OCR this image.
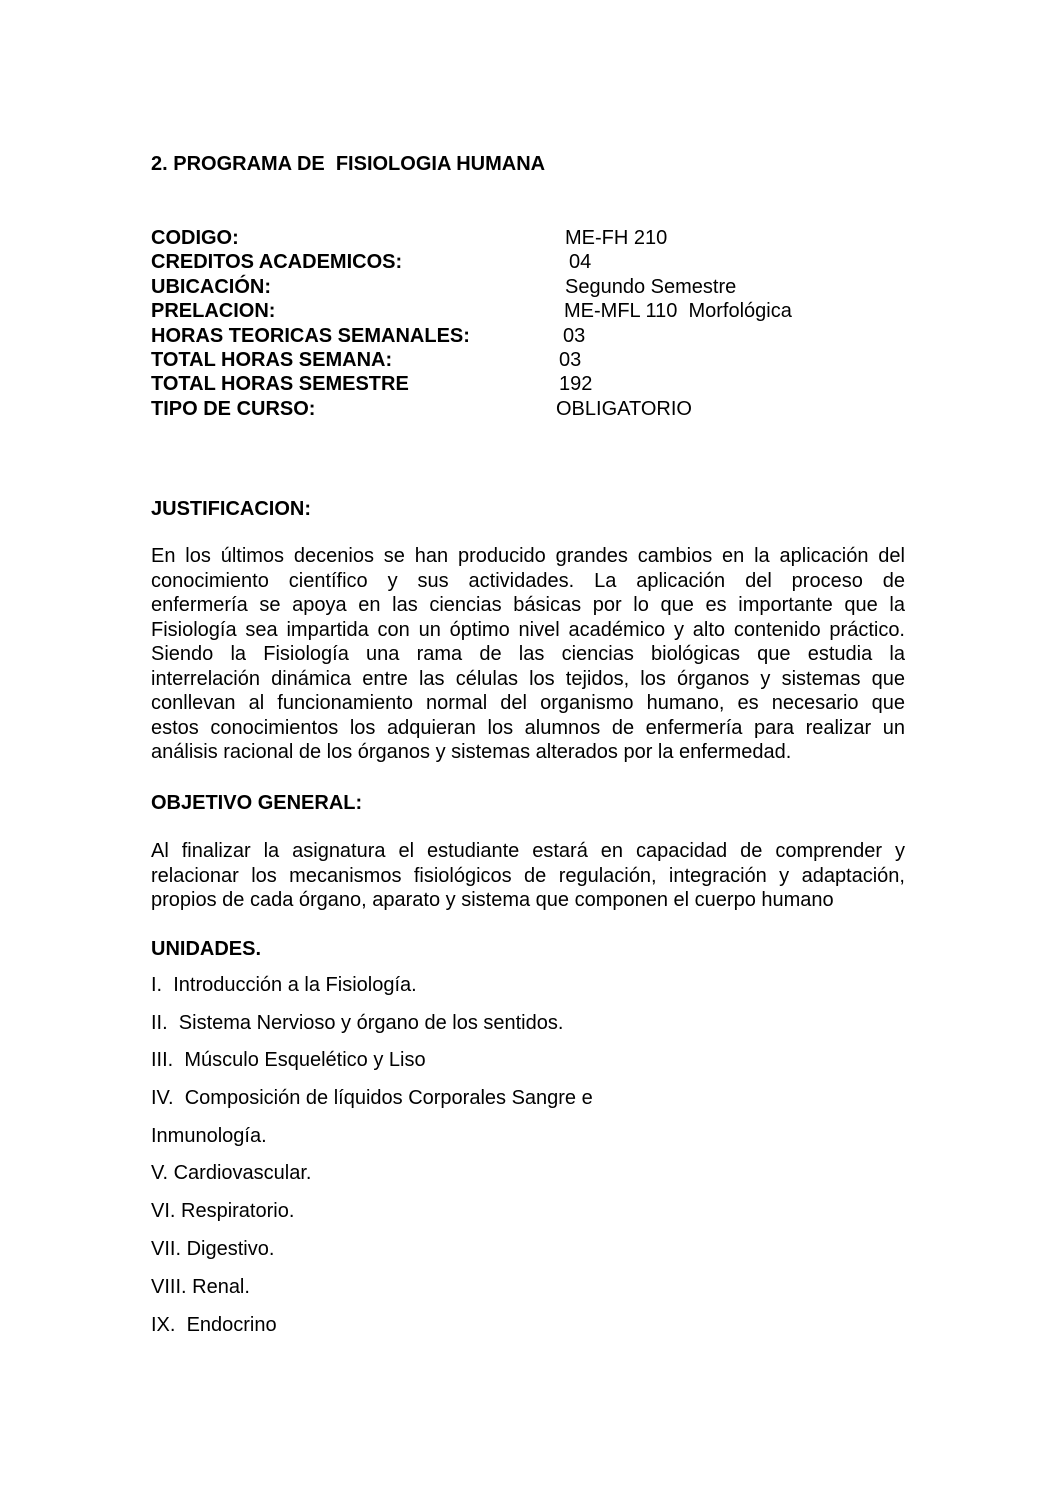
2. PROGRAMA DE  FISIOLOGIA HUMANA
CODIGO:	ME-FH 210
CREDITOS ACADEMICOS:	04
UBICACIÓN:	Segundo Semestre
PRELACION:	ME-MFL 110  Morfológica
HORAS TEORICAS SEMANALES:	03
TOTAL HORAS SEMANA:	03
TOTAL HORAS SEMESTRE	192
TIPO DE CURSO:	OBLIGATORIO
JUSTIFICACION:
En los últimos decenios se han producido grandes cambios en la aplicación del
conocimiento científico y sus actividades. La aplicación del proceso de
enfermería se apoya en las ciencias básicas por lo que es importante que la
Fisiología sea impartida con un óptimo nivel académico y alto contenido práctico.
Siendo la Fisiología una rama de las ciencias biológicas que estudia la
interrelación dinámica entre las células los tejidos, los órganos y sistemas que
conllevan al funcionamiento normal del organismo humano, es necesario que
estos conocimientos los adquieran los alumnos de enfermería para realizar un
análisis racional de los órganos y sistemas alterados por la enfermedad.
OBJETIVO GENERAL:
Al finalizar la asignatura el estudiante estará en capacidad de comprender y
relacionar los mecanismos fisiológicos de regulación, integración y adaptación,
propios de cada órgano, aparato y sistema que componen el cuerpo humano
UNIDADES.
I.  Introducción a la Fisiología.
II.  Sistema Nervioso y órgano de los sentidos.
III.  Músculo Esquelético y Liso
IV.  Composición de líquidos Corporales Sangre e
Inmunología.
V. Cardiovascular.
VI. Respiratorio.
VII. Digestivo.
VIII. Renal.
IX.  Endocrino
